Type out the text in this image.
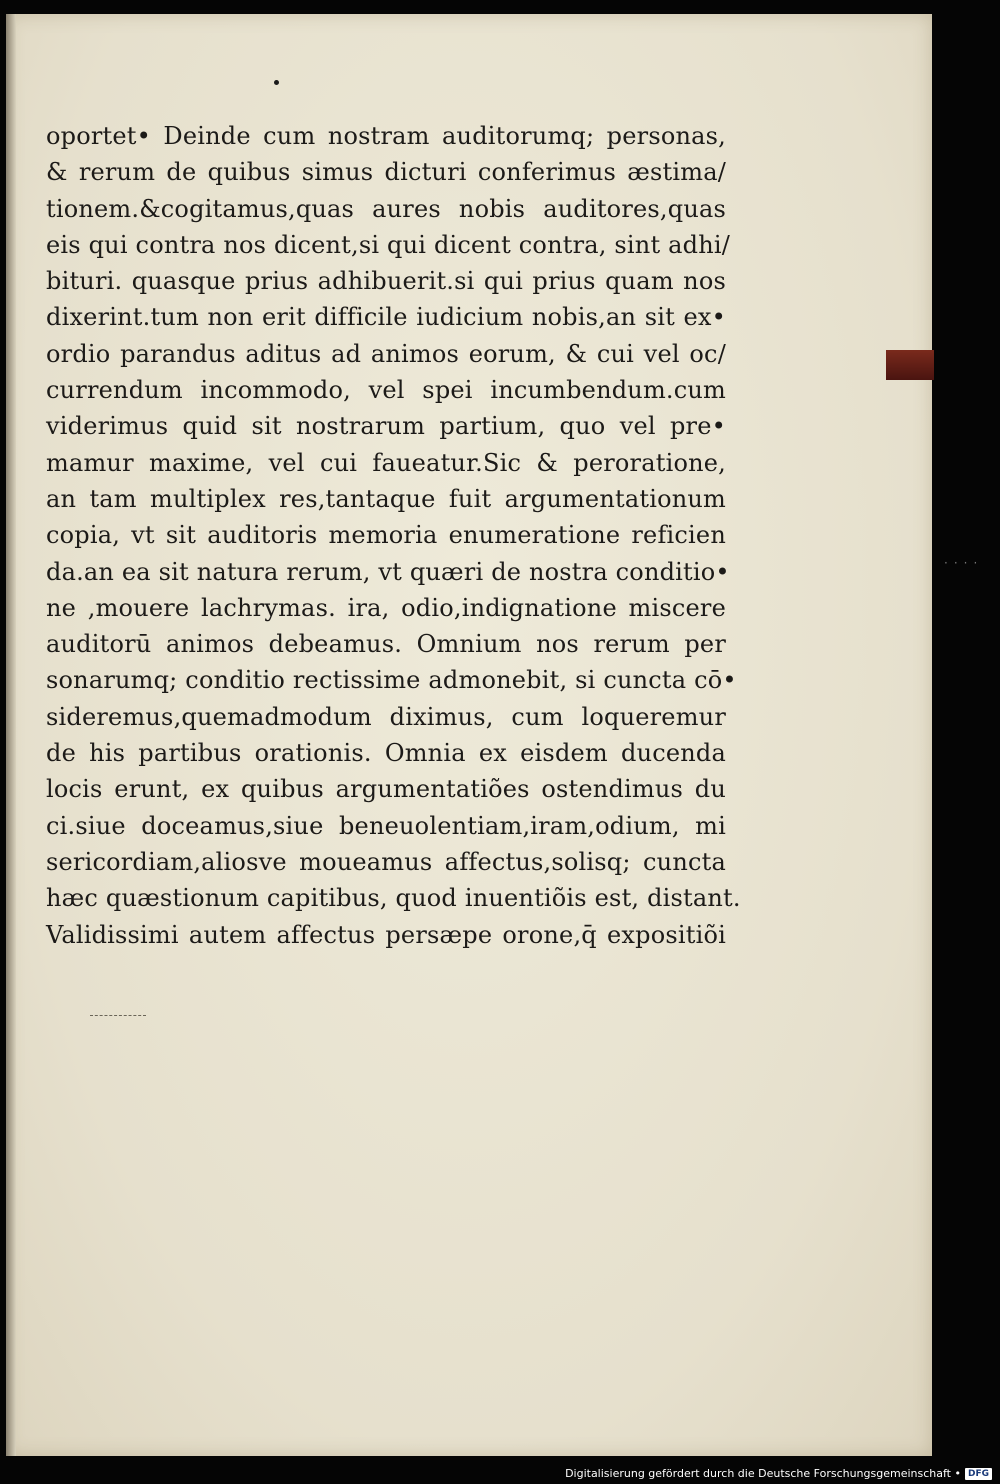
oportet• Deinde cum nostram auditorumq; personas,
& rerum de quibus simus dicturi conferimus æstima/
tionem.&cogitamus,quas aures nobis auditores,quas
eis qui contra nos dicent,si qui dicent contra, sint adhi/
bituri. quasque prius adhibuerit.si qui prius quam nos
dixerint.tum non erit difficile iudicium nobis,an sit ex•
ordio parandus aditus ad animos eorum, & cui vel oc/
currendum incommodo, vel spei incumbendum.cum
viderimus quid sit nostrarum partium, quo vel pre•
mamur maxime, vel cui faueatur.Sic & peroratione,
an tam multiplex res,tantaque fuit argumentationum
copia, vt sit auditoris memoria enumeratione reficien
da.an ea sit natura rerum, vt quæri de nostra conditio•
ne ,mouere lachrymas. ira, odio,indignatione miscere
auditorū animos debeamus. Omnium nos rerum per
sonarumq; conditio rectissime admonebit, si cuncta cō•
sideremus,quemadmodum diximus, cum loqueremur
de his partibus orationis. Omnia ex eisdem ducenda
locis erunt, ex quibus argumentatiões ostendimus du
ci.siue doceamus,siue beneuolentiam,iram,odium, mi
sericordiam,aliosve moueamus affectus,solisq; cuncta
hæc quæstionum capitibus, quod inuentiõis est, distant.
Validissimi autem affectus persæpe orone,q̄ expositiõi
····
Digitalisierung gefördert durch die Deutsche Forschungsgemeinschaft • DFG
